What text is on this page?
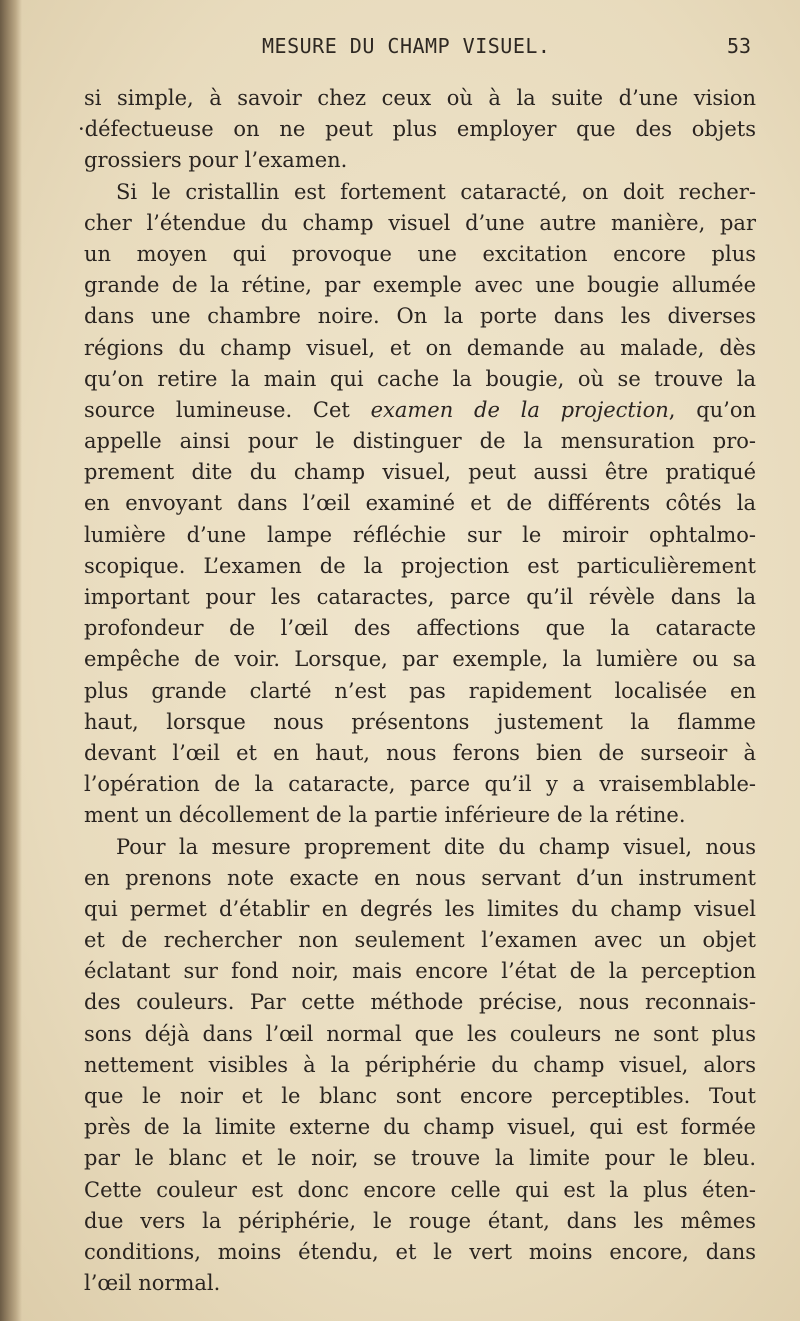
MESURE DU CHAMP VISUEL.	53
si simple, à savoir chez ceux où à la suite d’une vision
·défectueuse on ne peut plus employer que des objets
grossiers pour l’examen.
Si le cristallin est fortement cataracté, on doit recher-
cher l’étendue du champ visuel d’une autre manière, par
un moyen qui provoque une excitation encore plus
grande de la rétine, par exemple avec une bougie allumée
dans une chambre noire. On la porte dans les diverses
régions du champ visuel, et on demande au malade, dès
qu’on retire la main qui cache la bougie, où se trouve la
source lumineuse. Cet examen de la projection, qu’on
appelle ainsi pour le distinguer de la mensuration pro-
prement dite du champ visuel, peut aussi être pratiqué
en envoyant dans l’œil examiné et de différents côtés la
lumière d’une lampe réfléchie sur le miroir ophtalmo-
scopique. L’examen de la projection est particulièrement
important pour les cataractes, parce qu’il révèle dans la
profondeur de l’œil des affections que la cataracte
empêche de voir. Lorsque, par exemple, la lumière ou sa
plus grande clarté n’est pas rapidement localisée en
haut, lorsque nous présentons justement la flamme
devant l’œil et en haut, nous ferons bien de surseoir à
l’opération de la cataracte, parce qu’il y a vraisemblable-
ment un décollement de la partie inférieure de la rétine.
Pour la mesure proprement dite du champ visuel, nous
en prenons note exacte en nous servant d’un instrument
qui permet d’établir en degrés les limites du champ visuel
et de rechercher non seulement l’examen avec un objet
éclatant sur fond noir, mais encore l’état de la perception
des couleurs. Par cette méthode précise, nous reconnais-
sons déjà dans l’œil normal que les couleurs ne sont plus
nettement visibles à la périphérie du champ visuel, alors
que le noir et le blanc sont encore perceptibles. Tout
près de la limite externe du champ visuel, qui est formée
par le blanc et le noir, se trouve la limite pour le bleu.
Cette couleur est donc encore celle qui est la plus éten-
due vers la périphérie, le rouge étant, dans les mêmes
conditions, moins étendu, et le vert moins encore, dans
l’œil normal.
